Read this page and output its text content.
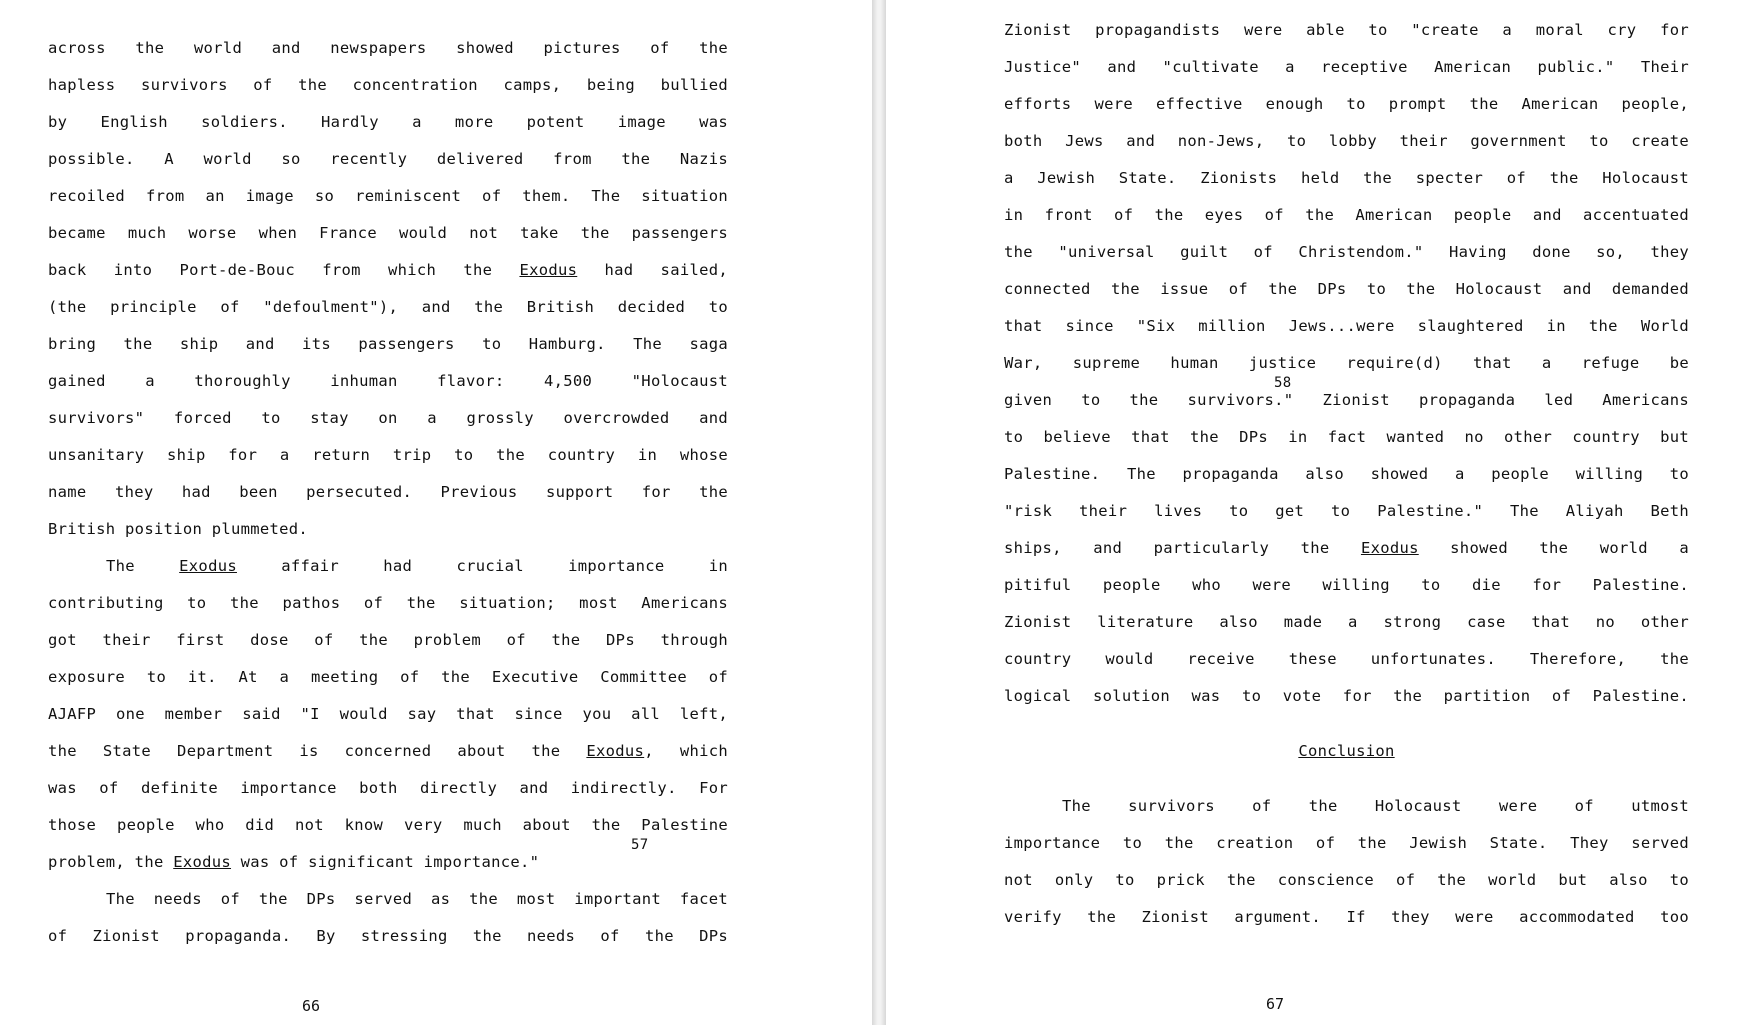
across the world and newspapers showed pictures of the
hapless survivors of the concentration camps, being bullied
by English soldiers. Hardly a more potent image was
possible. A world so recently delivered from the Nazis
recoiled from an image so reminiscent of them. The situation
became much worse when France would not take the passengers
back into Port-de-Bouc from which the Exodus had sailed,
(the principle of "defoulment"), and the British decided to
bring the ship and its passengers to Hamburg. The saga
gained a thoroughly inhuman flavor: 4,500 "Holocaust
survivors" forced to stay on a grossly overcrowded and
unsanitary ship for a return trip to the country in whose
name they had been persecuted. Previous support for the
British position plummeted.
The Exodus affair had crucial importance in
contributing to the pathos of the situation; most Americans
got their first dose of the problem of the DPs through
exposure to it. At a meeting of the Executive Committee of
AJAFP one member said "I would say that since you all left,
the State Department is concerned about the Exodus, which
was of definite importance both directly and indirectly. For
those people who did not know very much about the Palestine
problem, the Exodus was of significant importance."
57
The needs of the DPs served as the most important facet
of Zionist propaganda. By stressing the needs of the DPs
66
Zionist propagandists were able to "create a moral cry for
Justice" and "cultivate a receptive American public." Their
efforts were effective enough to prompt the American people,
both Jews and non-Jews, to lobby their government to create
a Jewish State. Zionists held the specter of the Holocaust
in front of the eyes of the American people and accentuated
the "universal guilt of Christendom." Having done so, they
connected the issue of the DPs to the Holocaust and demanded
that since "Six million Jews...were slaughtered in the World
War, supreme human justice require(d) that a refuge be
given to the survivors." Zionist propaganda led Americans
58
to believe that the DPs in fact wanted no other country but
Palestine. The propaganda also showed a people willing to
"risk their lives to get to Palestine." The Aliyah Beth
ships, and particularly the Exodus showed the world a
pitiful people who were willing to die for Palestine.
Zionist literature also made a strong case that no other
country would receive these unfortunates. Therefore, the
logical solution was to vote for the partition of Palestine.
Conclusion
The survivors of the Holocaust were of utmost
importance to the creation of the Jewish State. They served
not only to prick the conscience of the world but also to
verify the Zionist argument. If they were accommodated too
67
